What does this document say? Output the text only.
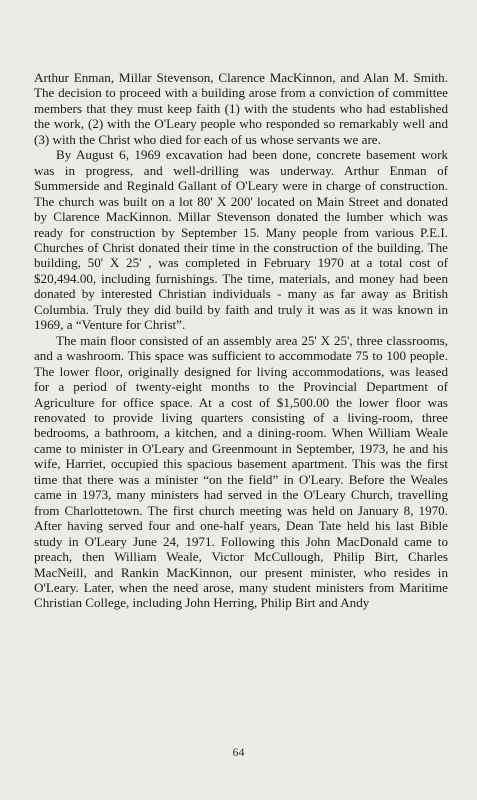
Arthur Enman, Millar Stevenson, Clarence MacKinnon, and Alan M. Smith. The decision to proceed with a building arose from a conviction of committee members that they must keep faith (1) with the students who had established the work, (2) with the O'Leary people who responded so remarkably well and (3) with the Christ who died for each of us whose servants we are.

By August 6, 1969 excavation had been done, concrete basement work was in progress, and well-drilling was underway. Arthur Enman of Summerside and Reginald Gallant of O'Leary were in charge of construction. The church was built on a lot 80' X 200' located on Main Street and donated by Clarence MacKinnon. Millar Stevenson donated the lumber which was ready for construction by September 15. Many people from various P.E.I. Churches of Christ donated their time in the construction of the building. The building, 50' X 25' , was completed in February 1970 at a total cost of $20,494.00, including furnishings. The time, materials, and money had been donated by interested Christian individuals - many as far away as British Columbia. Truly they did build by faith and truly it was as it was known in 1969, a “Venture for Christ”.

The main floor consisted of an assembly area 25' X 25', three classrooms, and a washroom. This space was sufficient to accommodate 75 to 100 people. The lower floor, originally designed for living accommodations, was leased for a period of twenty-eight months to the Provincial Department of Agriculture for office space. At a cost of $1,500.00 the lower floor was renovated to provide living quarters consisting of a living-room, three bedrooms, a bathroom, a kitchen, and a dining-room. When William Weale came to minister in O'Leary and Greenmount in September, 1973, he and his wife, Harriet, occupied this spacious basement apartment. This was the first time that there was a minister “on the field” in O'Leary. Before the Weales came in 1973, many ministers had served in the O'Leary Church, travelling from Charlottetown. The first church meeting was held on January 8, 1970. After having served four and one-half years, Dean Tate held his last Bible study in O'Leary June 24, 1971. Following this John MacDonald came to preach, then William Weale, Victor McCullough, Philip Birt, Charles MacNeill, and Rankin MacKinnon, our present minister, who resides in O'Leary. Later, when the need arose, many student ministers from Maritime Christian College, including John Herring, Philip Birt and Andy

64
